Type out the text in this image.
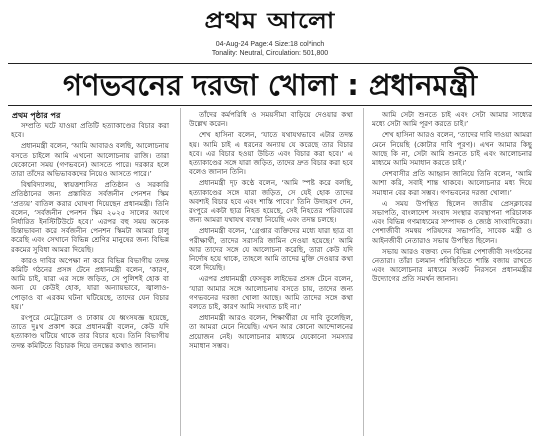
প্রথম আলো
04-Aug-24 Page:4 Size:18 col*inch
Tonality: Neutral, Circulation: 501,800
গণভবনের দরজা খোলা : প্রধানমন্ত্রী
প্রথম পৃষ্ঠার পর

সম্প্রতি ঘটে যাওয়া প্রতিটি হত্যাকাণ্ডের বিচার করা হবে।

প্রধানমন্ত্রী বলেন, ‘আমি আবারও বলছি, আলোচনায় বসতে চাইলে আমি এখনো আলোচনায় রাজি। তারা যেকোনো সময় (গণভবনে) আসতে পারে। দরকার হলে তারা তাঁদের অভিভাবকদের নিয়েও আসতে পারে।’

বিশ্ববিদ্যালয়, স্বায়ত্তশাসিত প্রতিষ্ঠান ও সরকারি প্রতিষ্ঠানের জন্য প্রস্তাবিত সর্বজনীন পেনশন স্কিম ‘প্রত্যয়’ বাতিল করার ঘোষণা দিয়েছেন প্রধানমন্ত্রী। তিনি বলেন, ‘সর্বজনীন পেনশন স্কিম ২০২৫ সালের আগে নির্ধারিত ইনস্টিটিউটে হবে।’ এরপর বহু সময় অনেক চিন্তাভাবনা করে সর্বজনীন পেনশন স্কিমটা আমরা চালু করেছি এবং সেখানে বিভিন্ন শ্রেণির মানুষের জন্য বিভিন্ন রকমের সুবিধা আমরা দিয়েছি।

কারও দাবির অপেক্ষা না করে বিভিন্ন বিভাগীয় তদন্ত কমিটি গঠনের প্রসঙ্গ টেনে প্রধানমন্ত্রী বলেন, ‘কারণ, আমি চাই, যারা এর সঙ্গে জড়িত, সে পুলিশই হোক বা অন্য যে কেউই হোক, যারা অন্যায়ভাবে, জ্বালাও-পোড়াও বা এরকম ঘটনা ঘটিয়েছে, তাদের যেন বিচার হয়।’

রংপুরে মেট্রোরেল ও ঢাকায় যে ধ্বংসযজ্ঞ হয়েছে, তাতে দুঃখ প্রকাশ করে প্রধানমন্ত্রী বলেন, কেউ যদি হত্যাকাণ্ড ঘটিয়ে থাকে তার বিচার হবে। তিনি বিভাগীয় তদন্ত কমিটিতে বিচারক দিয়ে তদন্তের কথাও জানান।

তাঁদের কর্মপরিধি ও সময়সীমা বাড়িয়ে দেওয়ার কথা উল্লেখ করেন।

শেখ হাসিনা বলেন, ‘যাতে যথাযথভাবে এটার তদন্ত হয়। আমি চাই এ ধরনের অন্যায় যে করেছে তার বিচার হবে। এর বিচার হওয়া উচিত এবং বিচার করা হবে।’ এ হত্যাকাণ্ডের সঙ্গে যারা জড়িত, তাদের দ্রুত বিচার করা হবে বলেও জানান তিনি।

প্রধানমন্ত্রী দৃঢ় কণ্ঠে বলেন, ‘আমি স্পষ্ট করে বলছি, হত্যাকাণ্ডের সঙ্গে যারা জড়িত, সে যেই হোক তাদের অবশ্যই বিচার হবে এবং শাস্তি পাবে।’ তিনি উদাহরণ দেন, রংপুরে একটা ছাত্র নিহত হয়েছে, সেই নিহতের পরিবারের জন্য আমরা যথাযথ ব্যবস্থা নিয়েছি এবং তদন্ত চলছে।

প্রধানমন্ত্রী বলেন, ‘গ্রেপ্তার ব্যক্তিদের মধ্যে যারা ছাত্র বা পরীক্ষার্থী, তাদের সরাসরি জামিন দেওয়া হয়েছে।’ আমি আর তাদের সঙ্গে যে আলোচনা করেছি, তারা কেউ যদি নির্দোষ হয়ে থাকে, তাহলে আমি তাদের মুক্তি দেওয়ার কথা বলে দিয়েছি।

এরপর প্রধানমন্ত্রী ফেসবুক লাইভের প্রসঙ্গ টেনে বলেন, ‘যারা আমার সঙ্গে আলোচনায় বসতে চায়, তাদের জন্য গণভবনের দরজা খোলা আছে। আমি তাদের সঙ্গে কথা বলতে চাই, কারণ আমি সংঘাত চাই না।’

প্রধানমন্ত্রী আরও বলেন, শিক্ষার্থীরা যে দাবি তুলেছিল, তা আমরা মেনে নিয়েছি। এখন আর কোনো আন্দোলনের প্রয়োজন নেই। আলোচনার মাধ্যমে যেকোনো সমস্যার সমাধান সম্ভব।

আমি সেটা শুনতে চাই এবং সেটা আমার সাধ্যের মধ্যে সেটা আমি পূরণ করতে চাই।’

শেখ হাসিনা আরও বলেন, ‘তাদের দাবি দাওয়া আমরা মেনে নিয়েছি (কোটার দাবি পূরণ)। এখন আমার কিছু আছে কি না, সেটা আমি শুনতে চাই এবং আলোচনার মাধ্যমে আমি সমাধান করতে চাই।’

দেশবাসীর প্রতি আহ্বান জানিয়ে তিনি বলেন, ‘আমি আশা করি, সবাই শান্ত থাকবে। আলোচনার মধ্য দিয়ে সমাধান বের করা সম্ভব। গণভবনের দরজা খোলা।’

এ সময় উপস্থিত ছিলেন জাতীয় প্রেসক্লাবের সভাপতি, বাংলাদেশ সংবাদ সংস্থার ব্যবস্থাপনা পরিচালক এবং বিভিন্ন গণমাধ্যমের সম্পাদক ও জ্যেষ্ঠ সাংবাদিকেরা। পেশাজীবী সমন্বয় পরিষদের সভাপতি, সাবেক মন্ত্রী ও আইনজীবী নেতারাও সভায় উপস্থিত ছিলেন।

সভায় আরও বক্তব্য দেন বিভিন্ন পেশাজীবী সংগঠনের নেতারা। তাঁরা চলমান পরিস্থিতিতে শান্তি বজায় রাখতে এবং আলোচনার মাধ্যমে সংকট নিরসনে প্রধানমন্ত্রীর উদ্যোগের প্রতি সমর্থন জানান।
